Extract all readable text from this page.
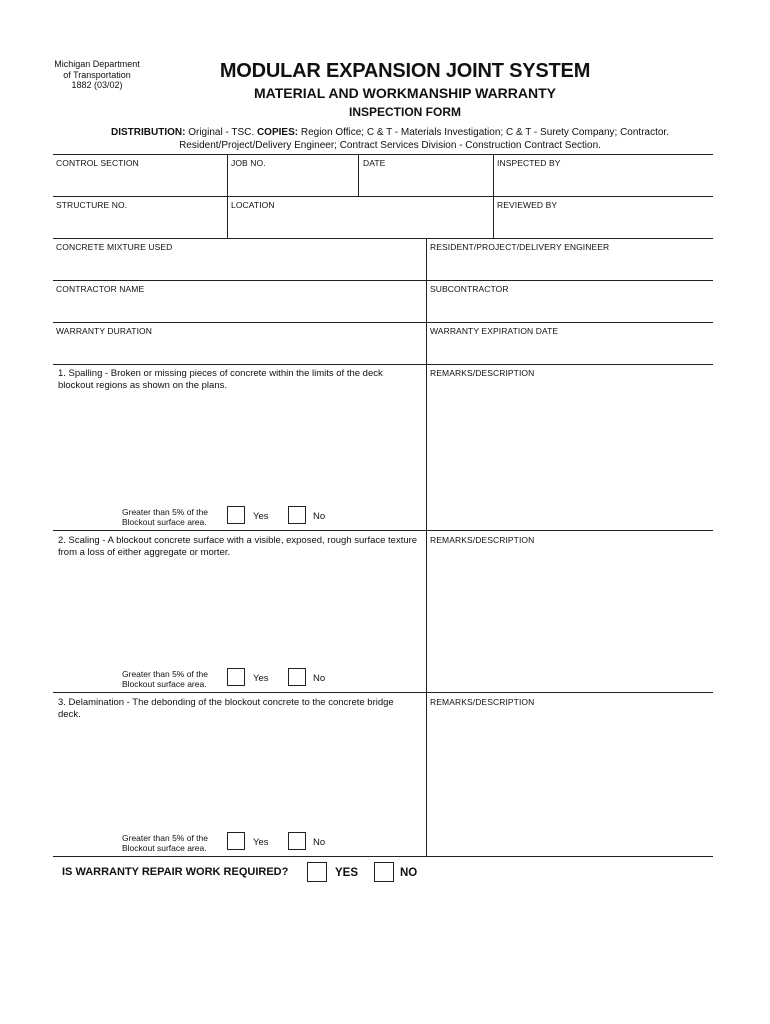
Michigan Department
of Transportation
1882 (03/02)
MODULAR EXPANSION JOINT SYSTEM
MATERIAL AND WORKMANSHIP WARRANTY
INSPECTION FORM
DISTRIBUTION: Original - TSC. COPIES: Region Office; C & T - Materials Investigation; C & T - Surety Company; Contractor.
Resident/Project/Delivery Engineer; Contract Services Division - Construction Contract Section.
CONTROL SECTION	JOB NO.	DATE	INSPECTED BY
STRUCTURE NO.	LOCATION	REVIEWED BY
CONCRETE MIXTURE USED	RESIDENT/PROJECT/DELIVERY ENGINEER
CONTRACTOR NAME	SUBCONTRACTOR
WARRANTY DURATION	WARRANTY EXPIRATION DATE
1. Spalling - Broken or missing pieces of concrete within the limits of the deck blockout regions as shown on the plans.
REMARKS/DESCRIPTION
Greater than 5% of the
Blockout surface area.	Yes	No
2. Scaling - A blockout concrete surface with a visible, exposed, rough surface texture from a loss of either aggregate or morter.
REMARKS/DESCRIPTION
Greater than 5% of the
Blockout surface area.	Yes	No
3. Delamination - The debonding of the blockout concrete to the concrete bridge deck.
REMARKS/DESCRIPTION
Greater than 5% of the
Blockout surface area.	Yes	No
IS WARRANTY REPAIR WORK REQUIRED?	YES	NO
